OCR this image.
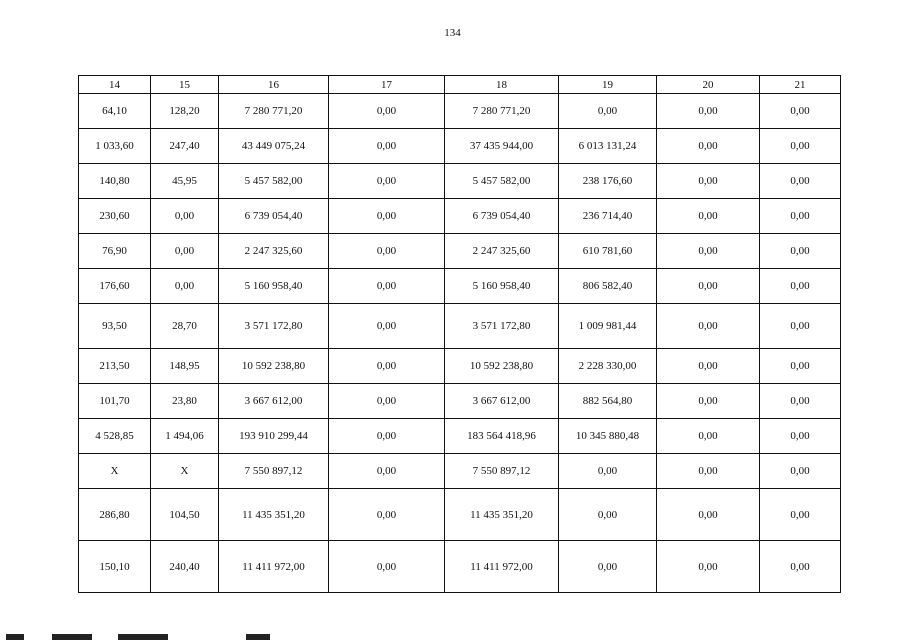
134
14	15	16	17	18	19	20	21
64,10	128,20	7 280 771,20	0,00	7 280 771,20	0,00	0,00	0,00
1 033,60	247,40	43 449 075,24	0,00	37 435 944,00	6 013 131,24	0,00	0,00
140,80	45,95	5 457 582,00	0,00	5 457 582,00	238 176,60	0,00	0,00
230,60	0,00	6 739 054,40	0,00	6 739 054,40	236 714,40	0,00	0,00
76,90	0,00	2 247 325,60	0,00	2 247 325,60	610 781,60	0,00	0,00
176,60	0,00	5 160 958,40	0,00	5 160 958,40	806 582,40	0,00	0,00
93,50	28,70	3 571 172,80	0,00	3 571 172,80	1 009 981,44	0,00	0,00
213,50	148,95	10 592 238,80	0,00	10 592 238,80	2 228 330,00	0,00	0,00
101,70	23,80	3 667 612,00	0,00	3 667 612,00	882 564,80	0,00	0,00
4 528,85	1 494,06	193 910 299,44	0,00	183 564 418,96	10 345 880,48	0,00	0,00
X	X	7 550 897,12	0,00	7 550 897,12	0,00	0,00	0,00
286,80	104,50	11 435 351,20	0,00	11 435 351,20	0,00	0,00	0,00
150,10	240,40	11 411 972,00	0,00	11 411 972,00	0,00	0,00	0,00
